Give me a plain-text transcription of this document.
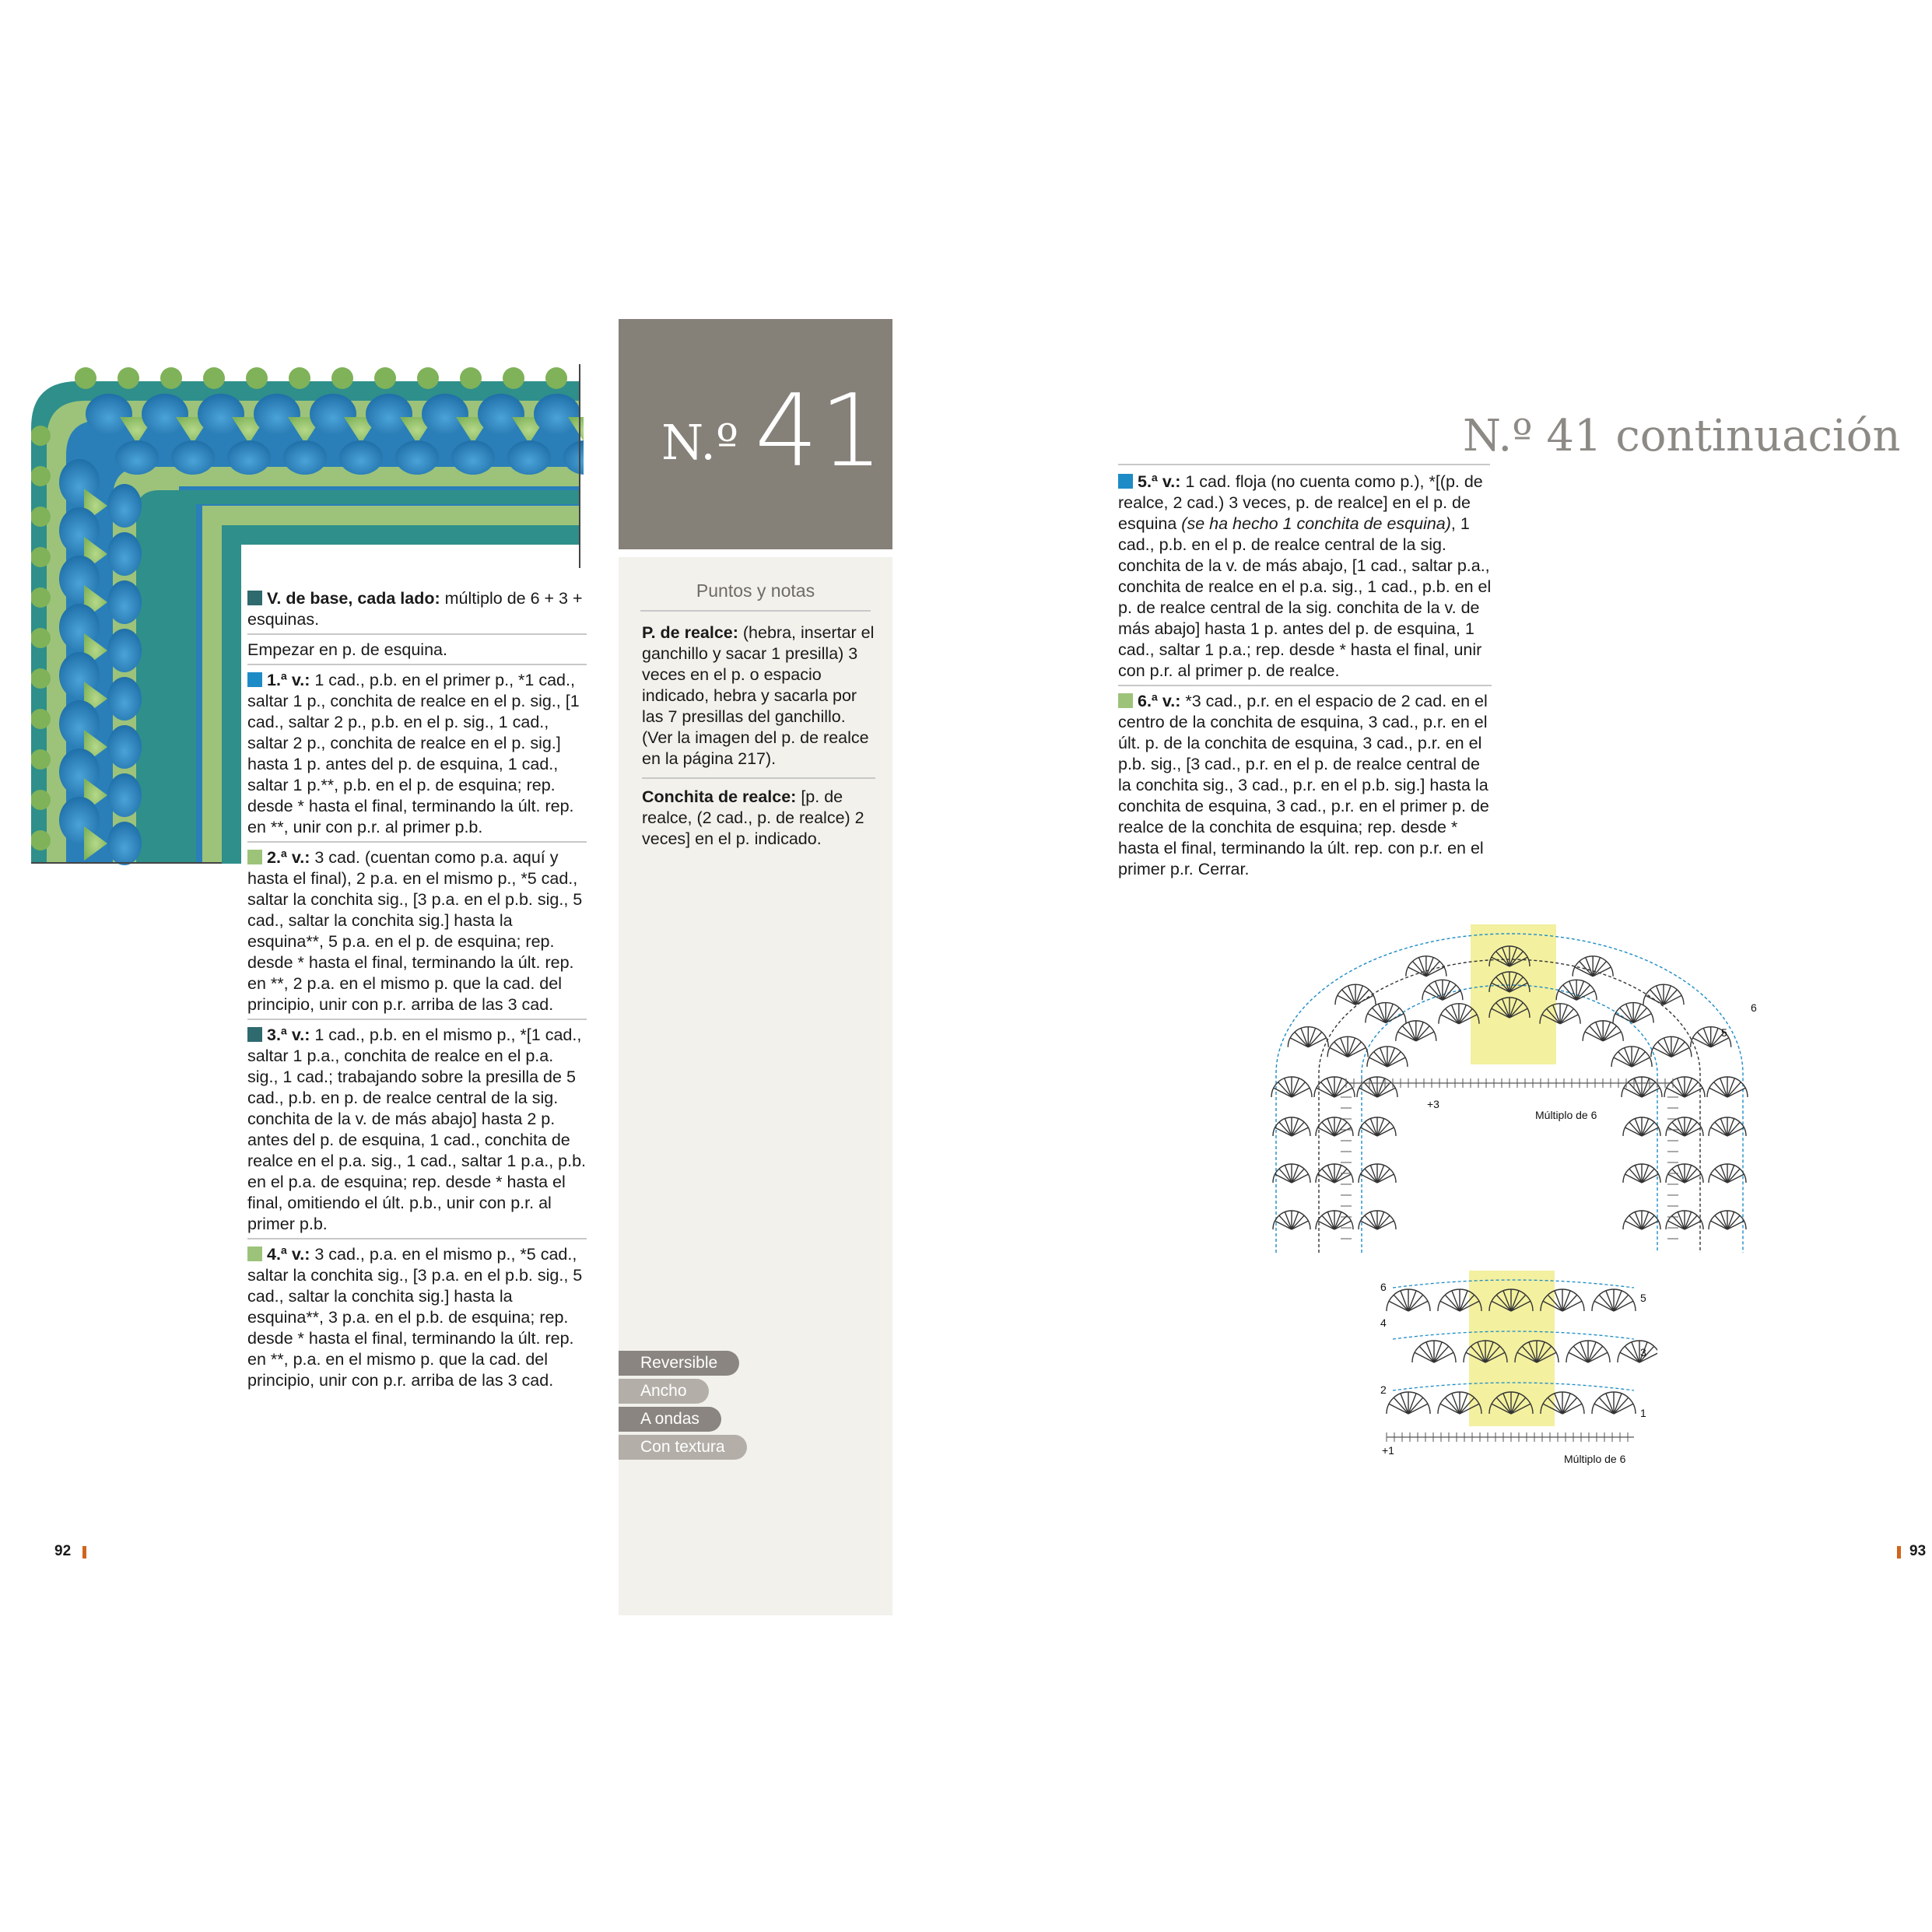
V. de base, cada lado: múltiplo de 6 + 3 + esquinas.
Empezar en p. de esquina.
1.ª v.: 1 cad., p.b. en el primer p., *1 cad., saltar 1 p., conchita de realce en el p. sig., [1 cad., saltar 2 p., p.b. en el p. sig., 1 cad., saltar 2 p., conchita de realce en el p. sig.] hasta 1 p. antes del p. de esquina, 1 cad., saltar 1 p.**, p.b. en el p. de esquina; rep. desde * hasta el final, terminando la últ. rep. en **, unir con p.r. al primer p.b.
2.ª v.: 3 cad. (cuentan como p.a. aquí y hasta el final), 2 p.a. en el mismo p., *5 cad., saltar la conchita sig., [3 p.a. en el p.b. sig., 5 cad., saltar la conchita sig.] hasta la esquina**, 5 p.a. en el p. de esquina; rep. desde * hasta el final, terminando la últ. rep. en **, 2 p.a. en el mismo p. que la cad. del principio, unir con p.r. arriba de las 3 cad.
3.ª v.: 1 cad., p.b. en el mismo p., *[1 cad., saltar 1 p.a., conchita de realce en el p.a. sig., 1 cad.; trabajando sobre la presilla de 5 cad., p.b. en p. de realce central de la sig. conchita de la v. de más abajo] hasta 2 p. antes del p. de esquina, 1 cad., conchita de realce en el p.a. sig., 1 cad., saltar 1 p.a., p.b. en el p.a. de esquina; rep. desde * hasta el final, omitiendo el últ. p.b., unir con p.r. al primer p.b.
4.ª v.: 3 cad., p.a. en el mismo p., *5 cad., saltar la conchita sig., [3 p.a. en el p.b. sig., 5 cad., saltar la conchita sig.] hasta la esquina**, 3 p.a. en el p.b. de esquina; rep. desde * hasta el final, terminando la últ. rep. en **, p.a. en el mismo p. que la cad. del principio, unir con p.r. arriba de las 3 cad.
92
N.º 41
Puntos y notas
P. de realce: (hebra, insertar el ganchillo y sacar 1 presilla) 3 veces en el p. o espacio indicado, hebra y sacarla por las 7 presillas del ganchillo. (Ver la imagen del p. de realce en la página 217).
Conchita de realce: [p. de realce, (2 cad., p. de realce) 2 veces] en el p. indicado.
Reversible
Ancho
A ondas
Con textura
N.º 41 continuación
5.ª v.: 1 cad. floja (no cuenta como p.), *[(p. de realce, 2 cad.) 3 veces, p. de realce] en el p. de esquina (se ha hecho 1 conchita de esquina), 1 cad., p.b. en el p. de realce central de la sig. conchita de la v. de más abajo, [1 cad., saltar p.a., conchita de realce en el p.a. sig., 1 cad., p.b. en el p. de realce central de la sig. conchita de la v. de más abajo] hasta 1 p. antes del p. de esquina, 1 cad., saltar 1 p.a.; rep. desde * hasta el final, unir con p.r. al primer p. de realce.
6.ª v.: *3 cad., p.r. en el espacio de 2 cad. en el centro de la conchita de esquina, 3 cad., p.r. en el últ. p. de la conchita de esquina, 3 cad., p.r. en el p.b. sig., [3 cad., p.r. en el p. de realce central de la conchita sig., 3 cad., p.r. en el p.b. sig.] hasta la conchita de esquina, 3 cad., p.r. en el primer p. de realce de la conchita de esquina; rep. desde * hasta el final, terminando la últ. rep. con p.r. en el primer p.r. Cerrar.
Múltiplo de 6
+3
5
6
Múltiplo de 6
+1
6
4
2
5
3
1
93
